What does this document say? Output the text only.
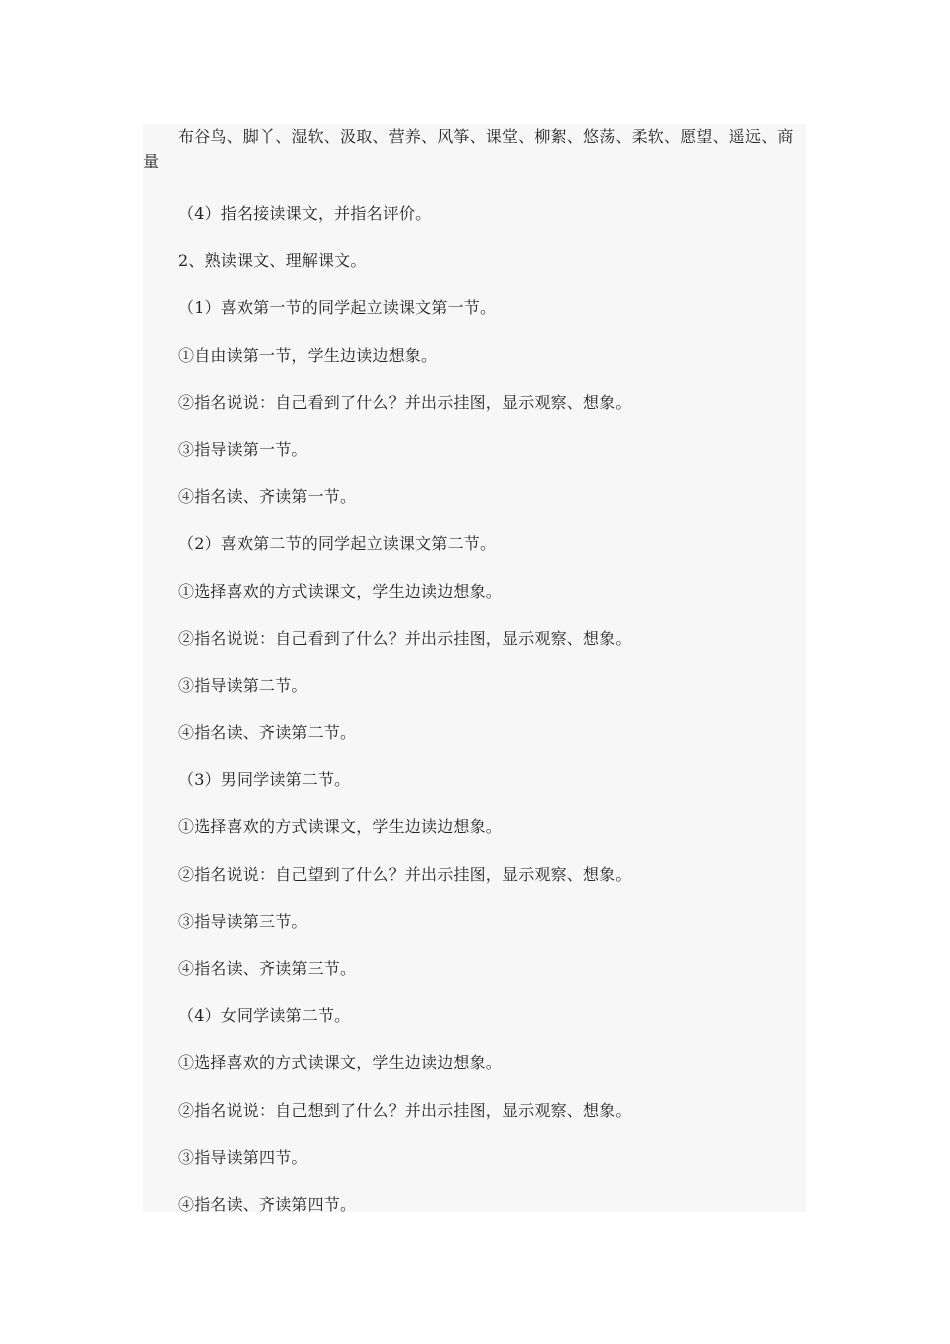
布谷鸟、脚丫、湿软、汲取、营养、风筝、课堂、柳絮、悠荡、柔软、愿望、遥远、商量

（4）指名接读课文，并指名评价。
2、熟读课文、理解课文。
（1）喜欢第一节的同学起立读课文第一节。
①自由读第一节，学生边读边想象。
②指名说说：自己看到了什么？并出示挂图，显示观察、想象。
③指导读第一节。
④指名读、齐读第一节。
（2）喜欢第二节的同学起立读课文第二节。
①选择喜欢的方式读课文，学生边读边想象。
②指名说说：自己看到了什么？并出示挂图，显示观察、想象。
③指导读第二节。
④指名读、齐读第二节。
（3）男同学读第二节。
①选择喜欢的方式读课文，学生边读边想象。
②指名说说：自己望到了什么？并出示挂图，显示观察、想象。
③指导读第三节。
④指名读、齐读第三节。
（4）女同学读第二节。
①选择喜欢的方式读课文，学生边读边想象。
②指名说说：自己想到了什么？并出示挂图，显示观察、想象。
③指导读第四节。
④指名读、齐读第四节。
